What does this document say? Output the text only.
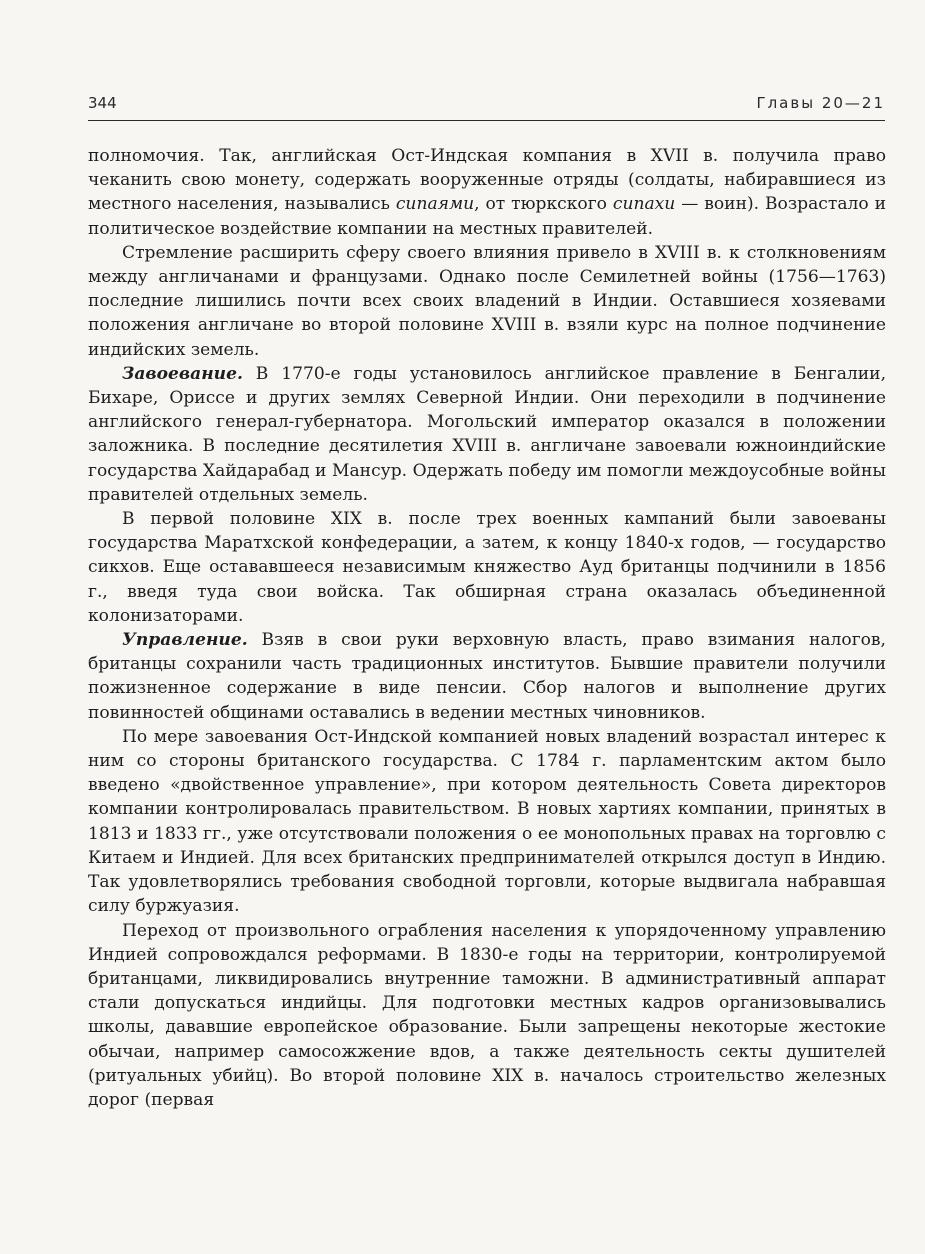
344	Главы 20—21

полномочия. Так, английская Ост-Индская компания в XVII в. получила право чеканить свою монету, содержать вооруженные отряды (солдаты, набиравшиеся из местного населения, назывались сипаями, от тюркского сипахи — воин). Возрастало и политическое воздействие компании на местных правителей.

Стремление расширить сферу своего влияния привело в XVIII в. к столкновениям между англичанами и французами. Однако после Семилетней войны (1756—1763) последние лишились почти всех своих владений в Индии. Оставшиеся хозяевами положения англичане во второй половине XVIII в. взяли курс на полное подчинение индийских земель.

Завоевание. В 1770-е годы установилось английское правление в Бенгалии, Бихаре, Ориссе и других землях Северной Индии. Они переходили в подчинение английского генерал-губернатора. Могольский император оказался в положении заложника. В последние десятилетия XVIII в. англичане завоевали южноиндийские государства Хайдарабад и Мансур. Одержать победу им помогли междоусобные войны правителей отдельных земель.

В первой половине XIX в. после трех военных кампаний были завоеваны государства Маратхской конфедерации, а затем, к концу 1840-х годов, — государство сикхов. Еще остававшееся независимым княжество Ауд британцы подчинили в 1856 г., введя туда свои войска. Так обширная страна оказалась объединенной колонизаторами.

Управление. Взяв в свои руки верховную власть, право взимания налогов, британцы сохранили часть традиционных институтов. Бывшие правители получили пожизненное содержание в виде пенсии. Сбор налогов и выполнение других повинностей общинами оставались в ведении местных чиновников.

По мере завоевания Ост-Индской компанией новых владений возрастал интерес к ним со стороны британского государства. С 1784 г. парламентским актом было введено «двойственное управление», при котором деятельность Совета директоров компании контролировалась правительством. В новых хартиях компании, принятых в 1813 и 1833 гг., уже отсутствовали положения о ее монопольных правах на торговлю с Китаем и Индией. Для всех британских предпринимателей открылся доступ в Индию. Так удовлетворялись требования свободной торговли, которые выдвигала набравшая силу буржуазия.

Переход от произвольного ограбления населения к упорядоченному управлению Индией сопровождался реформами. В 1830-е годы на территории, контролируемой британцами, ликвидировались внутренние таможни. В административный аппарат стали допускаться индийцы. Для подготовки местных кадров организовывались школы, дававшие европейское образование. Были запрещены некоторые жестокие обычаи, например самосожжение вдов, а также деятельность секты душителей (ритуальных убийц). Во второй половине XIX в. началось строительство железных дорог (первая
